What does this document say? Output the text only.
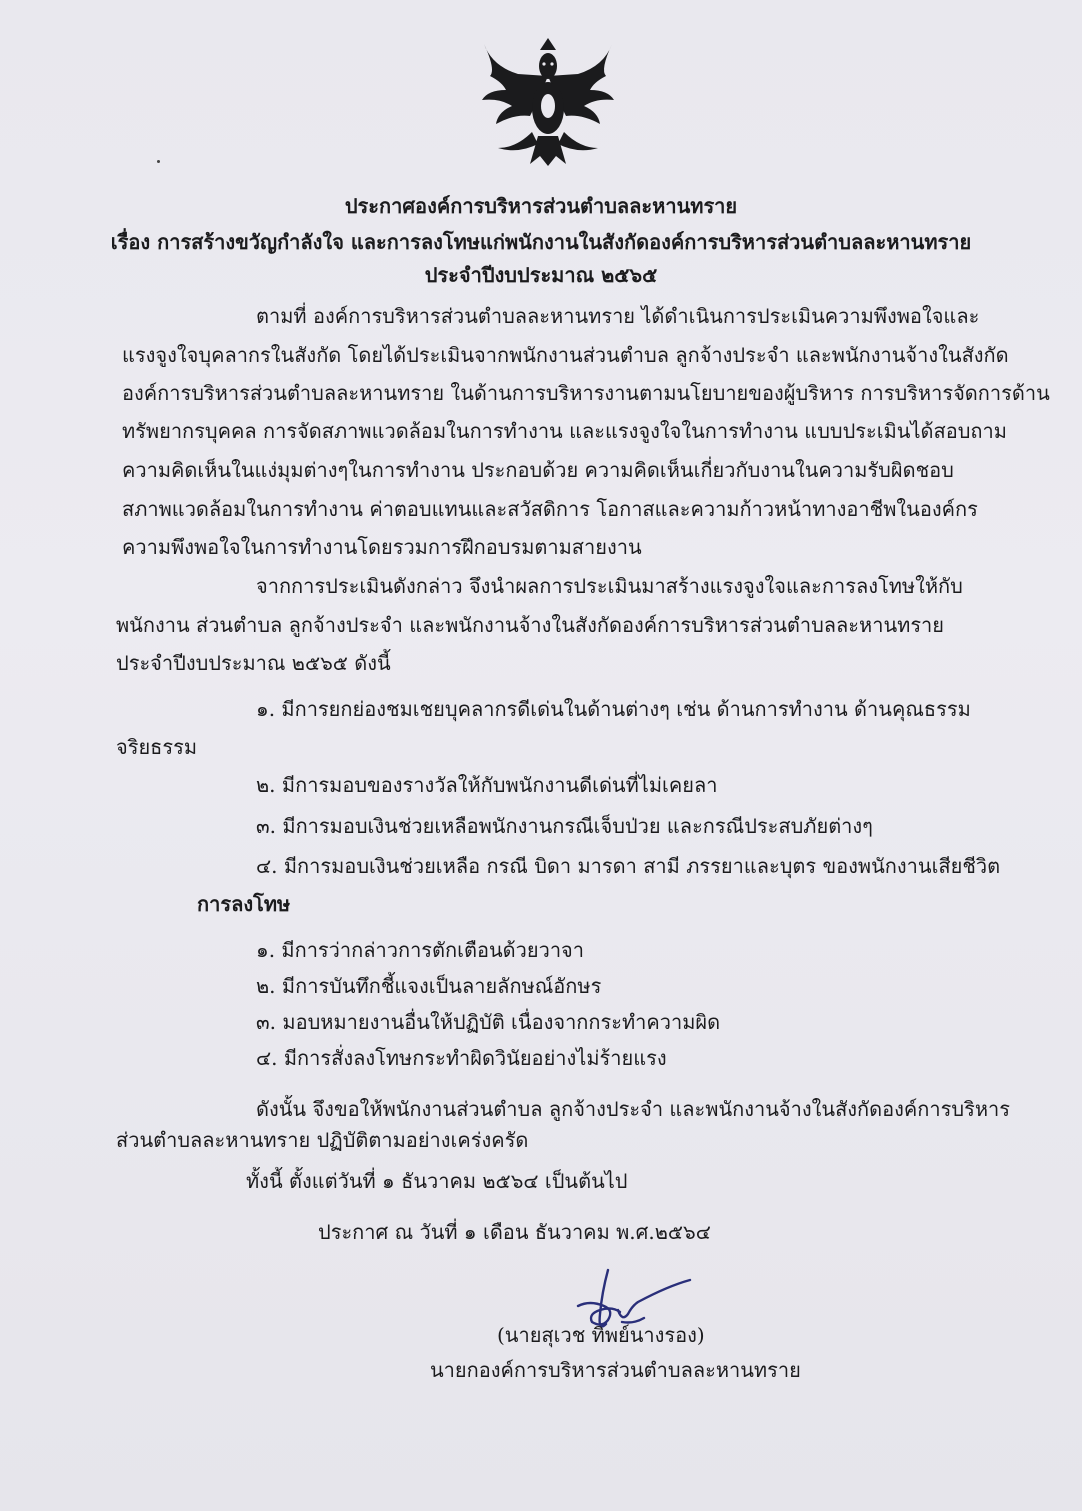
ประกาศองค์การบริหารส่วนตำบลละหานทราย
เรื่อง การสร้างขวัญกำลังใจ และการลงโทษแก่พนักงานในสังกัดองค์การบริหารส่วนตำบลละหานทราย
ประจำปีงบประมาณ ๒๕๖๕
ตามที่ องค์การบริหารส่วนตำบลละหานทราย ได้ดำเนินการประเมินความพึงพอใจและ
แรงจูงใจบุคลากรในสังกัด โดยได้ประเมินจากพนักงานส่วนตำบล ลูกจ้างประจำ และพนักงานจ้างในสังกัด
องค์การบริหารส่วนตำบลละหานทราย ในด้านการบริหารงานตามนโยบายของผู้บริหาร การบริหารจัดการด้าน
ทรัพยากรบุคคล การจัดสภาพแวดล้อมในการทำงาน และแรงจูงใจในการทำงาน แบบประเมินได้สอบถาม
ความคิดเห็นในแง่มุมต่างๆในการทำงาน ประกอบด้วย ความคิดเห็นเกี่ยวกับงานในความรับผิดชอบ
สภาพแวดล้อมในการทำงาน ค่าตอบแทนและสวัสดิการ โอกาสและความก้าวหน้าทางอาชีพในองค์กร
ความพึงพอใจในการทำงานโดยรวมการฝึกอบรมตามสายงาน
จากการประเมินดังกล่าว จึงนำผลการประเมินมาสร้างแรงจูงใจและการลงโทษให้กับ
พนักงาน ส่วนตำบล ลูกจ้างประจำ และพนักงานจ้างในสังกัดองค์การบริหารส่วนตำบลละหานทราย
ประจำปีงบประมาณ ๒๕๖๕ ดังนี้
๑. มีการยกย่องชมเชยบุคลากรดีเด่นในด้านต่างๆ เช่น ด้านการทำงาน ด้านคุณธรรม
จริยธรรม
๒. มีการมอบของรางวัลให้กับพนักงานดีเด่นที่ไม่เคยลา
๓. มีการมอบเงินช่วยเหลือพนักงานกรณีเจ็บป่วย และกรณีประสบภัยต่างๆ
๔. มีการมอบเงินช่วยเหลือ กรณี บิดา มารดา สามี ภรรยาและบุตร ของพนักงานเสียชีวิต
การลงโทษ
๑. มีการว่ากล่าวการตักเตือนด้วยวาจา
๒. มีการบันทึกชี้แจงเป็นลายลักษณ์อักษร
๓. มอบหมายงานอื่นให้ปฏิบัติ เนื่องจากกระทำความผิด
๔. มีการสั่งลงโทษกระทำผิดวินัยอย่างไม่ร้ายแรง
ดังนั้น จึงขอให้พนักงานส่วนตำบล ลูกจ้างประจำ และพนักงานจ้างในสังกัดองค์การบริหาร
ส่วนตำบลละหานทราย ปฏิบัติตามอย่างเคร่งครัด
ทั้งนี้ ตั้งแต่วันที่ ๑ ธันวาคม ๒๕๖๔ เป็นต้นไป
ประกาศ ณ วันที่ ๑ เดือน ธันวาคม พ.ศ.๒๕๖๔
(นายสุเวช ทิพย์นางรอง)
นายกองค์การบริหารส่วนตำบลละหานทราย
